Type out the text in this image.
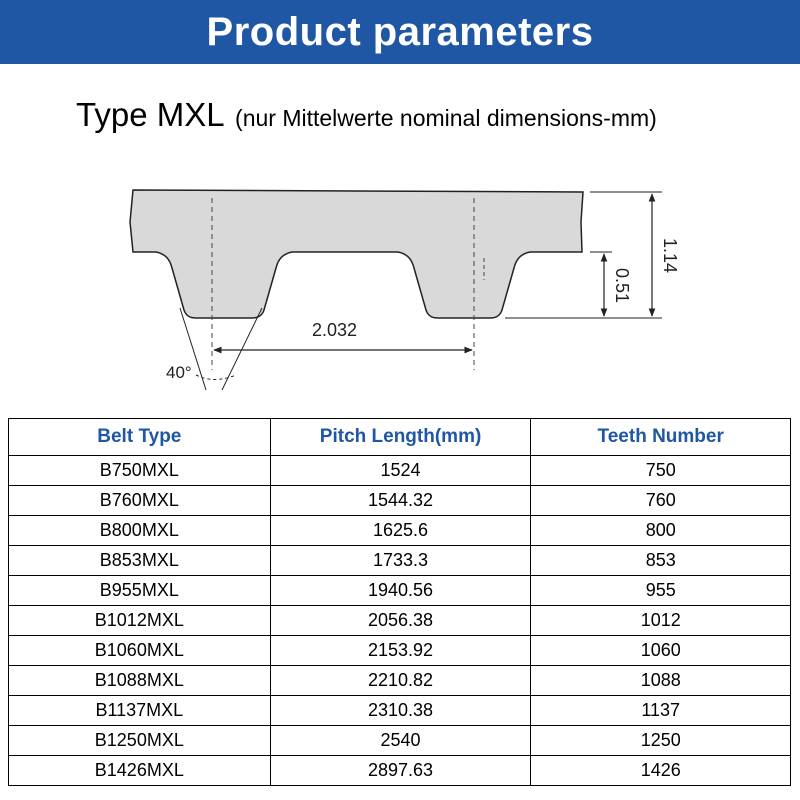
Product parameters
Type MXL (nur Mittelwerte nominal dimensions-mm)
2.032
40°
1.14
0.51
Belt Type	Pitch Length(mm)	Teeth Number
B750MXL	1524	750
B760MXL	1544.32	760
B800MXL	1625.6	800
B853MXL	1733.3	853
B955MXL	1940.56	955
B1012MXL	2056.38	1012
B1060MXL	2153.92	1060
B1088MXL	2210.82	1088
B1137MXL	2310.38	1137
B1250MXL	2540	1250
B1426MXL	2897.63	1426
